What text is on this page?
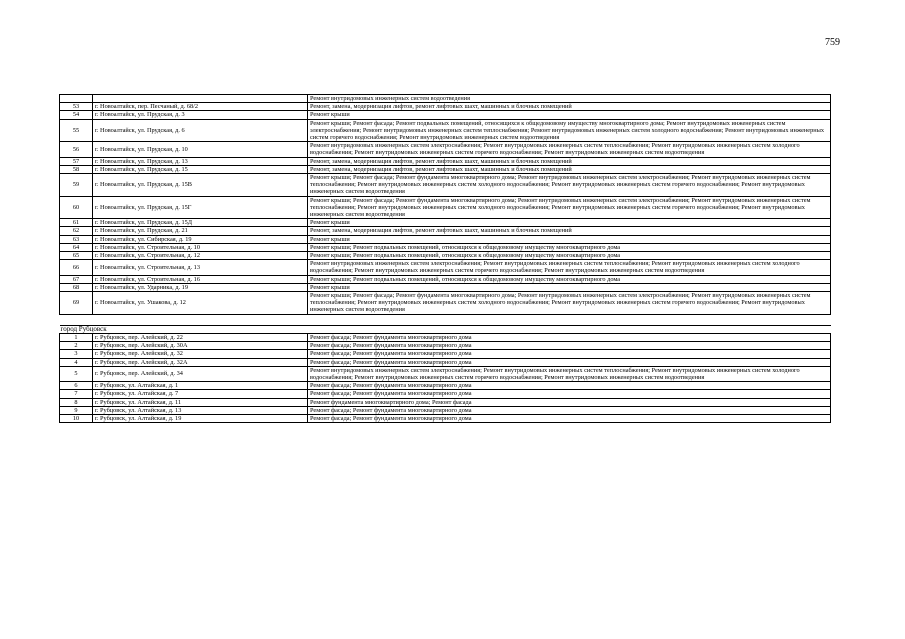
759
		Ремонт внутридомовых инженерных систем водоотведения
53	г. Новоалтайск, пер. Песчаный, д. 68/2	Ремонт, замена, модернизация лифтов, ремонт лифтовых шахт, машинных и блочных помещений
54	г. Новоалтайск, ул. Прудская, д. 3	Ремонт крыши
55	г. Новоалтайск, ул. Прудская, д. 6	Ремонт крыши; Ремонт фасада; Ремонт подвальных помещений, относящихся к общедомовому имуществу многоквартирного дома; Ремонт внутридомовых инженерных систем электроснабжения; Ремонт внутридомовых инженерных систем теплоснабжения; Ремонт внутридомовых инженерных систем холодного водоснабжения; Ремонт внутридомовых инженерных систем горячего водоснабжения; Ремонт внутридомовых инженерных систем водоотведения
56	г. Новоалтайск, ул. Прудская, д. 10	Ремонт внутридомовых инженерных систем электроснабжения; Ремонт внутридомовых инженерных систем теплоснабжения; Ремонт внутридомовых инженерных систем холодного водоснабжения; Ремонт внутридомовых инженерных систем горячего водоснабжения; Ремонт внутридомовых инженерных систем водоотведения
57	г. Новоалтайск, ул. Прудская, д. 13	Ремонт, замена, модернизация лифтов, ремонт лифтовых шахт, машинных и блочных помещений
58	г. Новоалтайск, ул. Прудская, д. 15	Ремонт, замена, модернизация лифтов, ремонт лифтовых шахт, машинных и блочных помещений
59	г. Новоалтайск, ул. Прудская, д. 15В	Ремонт крыши; Ремонт фасада; Ремонт фундамента многоквартирного дома; Ремонт внутридомовых инженерных систем электроснабжения; Ремонт внутридомовых инженерных систем теплоснабжения; Ремонт внутридомовых инженерных систем холодного водоснабжения; Ремонт внутридомовых инженерных систем горячего водоснабжения; Ремонт внутридомовых инженерных систем водоотведения
60	г. Новоалтайск, ул. Прудская, д. 15Г	Ремонт крыши; Ремонт фасада; Ремонт фундамента многоквартирного дома; Ремонт внутридомовых инженерных систем электроснабжения; Ремонт внутридомовых инженерных систем теплоснабжения; Ремонт внутридомовых инженерных систем холодного водоснабжения; Ремонт внутридомовых инженерных систем горячего водоснабжения; Ремонт внутридомовых инженерных систем водоотведения
61	г. Новоалтайск, ул. Прудская, д. 15Д	Ремонт крыши
62	г. Новоалтайск, ул. Прудская, д. 21	Ремонт, замена, модернизация лифтов, ремонт лифтовых шахт, машинных и блочных помещений
63	г. Новоалтайск, ул. Сибирская, д. 19	Ремонт крыши
64	г. Новоалтайск, ул. Строительная, д. 10	Ремонт крыши; Ремонт подвальных помещений, относящихся к общедомовому имуществу многоквартирного дома
65	г. Новоалтайск, ул. Строительная, д. 12	Ремонт крыши; Ремонт подвальных помещений, относящихся к общедомовому имуществу многоквартирного дома
66	г. Новоалтайск, ул. Строительная, д. 13	Ремонт внутридомовых инженерных систем электроснабжения; Ремонт внутридомовых инженерных систем теплоснабжения; Ремонт внутридомовых инженерных систем холодного водоснабжения; Ремонт внутридомовых инженерных систем горячего водоснабжения; Ремонт внутридомовых инженерных систем водоотведения
67	г. Новоалтайск, ул. Строительная, д. 16	Ремонт крыши; Ремонт подвальных помещений, относящихся к общедомовому имуществу многоквартирного дома
68	г. Новоалтайск, ул. Ударника, д. 19	Ремонт крыши
69	г. Новоалтайск, ул. Ушакова, д. 12	Ремонт крыши; Ремонт фасада; Ремонт фундамента многоквартирного дома; Ремонт внутридомовых инженерных систем электроснабжения; Ремонт внутридомовых инженерных систем теплоснабжения; Ремонт внутридомовых инженерных систем холодного водоснабжения; Ремонт внутридомовых инженерных систем горячего водоснабжения; Ремонт внутридомовых инженерных систем водоотведения

город Рубцовск		
1	г. Рубцовск, пер. Алейский, д. 22	Ремонт фасада; Ремонт фундамента многоквартирного дома
2	г. Рубцовск, пер. Алейский, д. 30А	Ремонт фасада; Ремонт фундамента многоквартирного дома
3	г. Рубцовск, пер. Алейский, д. 32	Ремонт фасада; Ремонт фундамента многоквартирного дома
4	г. Рубцовск, пер. Алейский, д. 32А	Ремонт фасада; Ремонт фундамента многоквартирного дома
5	г. Рубцовск, пер. Алейский, д. 34	Ремонт внутридомовых инженерных систем электроснабжения; Ремонт внутридомовых инженерных систем теплоснабжения; Ремонт внутридомовых инженерных систем холодного водоснабжения; Ремонт внутридомовых инженерных систем горячего водоснабжения; Ремонт внутридомовых инженерных систем водоотведения
6	г. Рубцовск, ул. Алтайская, д. 1	Ремонт фасада; Ремонт фундамента многоквартирного дома
7	г. Рубцовск, ул. Алтайская, д. 7	Ремонт фасада; Ремонт фундамента многоквартирного дома
8	г. Рубцовск, ул. Алтайская, д. 11	Ремонт фундамента многоквартирного дома; Ремонт фасада
9	г. Рубцовск, ул. Алтайская, д. 13	Ремонт фасада; Ремонт фундамента многоквартирного дома
10	г. Рубцовск, ул. Алтайская, д. 19	Ремонт фасада; Ремонт фундамента многоквартирного дома
